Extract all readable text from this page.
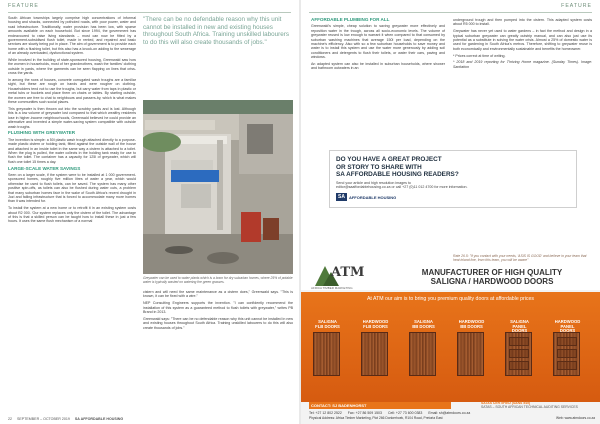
FEATURE

South African townships largely comprise high concentrations of informal housing and shacks, connected by potholed roads, with poor power, water and road infrastructure. Traditionally, water provision has been low, with sparse amounts available on each household. But since 1994, the government has endeavoured to raise living standards – most can now be fitted by a government-subsidised flush toilet, made in rented, and repaired and basic services are slowly being put in place. The aim of government is to provide each home with a flushing toilet, but this also has a knock-on adding to the sewerage of an already overloaded, dysfunctional system.

While involved in the building of state-sponsored housing, Greenwald saw how the women in households, most of her grandmothers, wash the families' clothing outside in yards, where the garments can be seen flapping on lines that criss-cross the yards.

In among the rows of houses, concrete corrugated wash troughs are a familiar sight, but these are rough on hands and were rougher on clothing. Householders tend not to use the troughs, but carry water from taps in plastic or metal tubs or buckets and place them on chairs or tables. By starting outside, the women are free to chat to neighbours and passers-by, which is what makes these communities such social places.

This greywater is then thrown out into the scrubby yards and is lost. Although this is a low volume of greywater lost compared to that which wealthy residents lose in higher-income neighbourhoods, Greenwald believed he could provide an alternative and invented a simple water-saving system compatible with outside wash troughs.

FLUSHING WITH GREYWATER

The invention is simple: a 50l plastic wash trough attached directly to a purpose-made plastic cistern or holding tank, fitted against the outside wall of the house and attached in an inside toilet in the same way a cistern is attached to a toilet. When the plug is pulled, the water collects in the holding tank ready for use to flush the toilet. The container has a capacity for 125l of greywater, which will flush one toilet 15 times a day.

LARGE-SCALE WATER SAVINGS

Seen on a larger scale, if the system were to be installed at 1 000 government-sponsored homes, roughly five million litres of water a year, which would otherwise be used to flush toilets, can be saved. The system has many other positive spin-offs, as toilets can also be flushed during water cuts, a problem that many suburban homes face in the wake of South Africa's recent drought in Jozi and failing infrastructure that is forced to accommodate many more homes than it was intended for.

To install the system at a new home or to retrofit it in an existing system costs about R2 000. 'Our system replaces only the cistern of the toilet. The advantage of this is that a skilled person can be taught how to install these in just a few hours. It uses the same flush mechanism of a normal

"There can be no defendable reason why this unit cannot be installed in new and existing houses throughout South Africa. Training unskilled labourers to do this will also create thousands of jobs."
Greywater can be used to water plants which is a boon for dry suburban homes, where 25% of potable water is typically wasted on watering the green grasses.

cistern and will need the same maintenance as a cistern does," Greenwald says. "This is known, it can be fixed with a wire."

NEP Consulting Engineers supports the invention. "I can confidently recommend the installation of this system as a guaranteed method to flush toilets with greywater," writes PB Brand in 2013.

Greenwald says: "There can be no defendable reason why this unit cannot be installed in new and existing houses throughout South Africa. Training unskilled labourers to do this will also create thousands of jobs."

22 SEPTEMBER – OCTOBER 2019 SA AFFORDABLE HOUSING
FEATURE
AFFORDABLE PLUMBING FOR ALL

Greenwald's simple, cheap solution to saving greywater more effectively and reposition water in the trough, across all socio-economic levels. The volume of greywater reused is low enough to warrant it when compared to that consumed by suburban washing machines that average 150l per load, depending on the machine's efficiency. Also with so a few suburban households to save money and water is to install this system and use the water more generously by adding soil conditioners and detergents to flush their toilets, or water their cars, paving and windows.

An adapted system can also be installed in suburban households, where shower and bathroom outwaters in an

underground trough and then pumped into the cistern. This adapted system costs about R5 000 to install.

Greywater has never yet used to water gardens – in fact the method and design in a typical suburban greywater can greatly outstrip manual, and can also just use its potential as a substitute in solving the water crisis. Almost a 25% of domestic water is used for gardening in South Africa's metros. Therefore, shifting to greywater reuse is both economically and environmentally sustainable and benefits the homeowner.

* Prices correct at time of writing.

* 2018 and 2019 reporting for Thriving Home magazine. (Sunday Times). Image: Sanitation

DO YOU HAVE A GREAT PROJECT
OR STORY TO SHARE WITH
SA AFFORDABLE HOUSING READERS?
Send your article and high resolution images to
editor@saaffordablehousing.co.za or call +27 (0)11 012 4700 for more information.
SA	AFFORDABLE HOUSING
Rate 26.5: "If you contact with your needs, 'ASIS IS GOOD' and believe in your team that heat inland line, from this team, you will be aware"
ATM
AFRICA TIMBER MARKETING
MANUFACTURER OF HIGH QUALITY
SALIGNA / HARDWOOD DOORS
At ATM our aim is to bring you premium quality doors at affordable prices
SALIGNA
FLB DOORS
HARDWOOD
FLB DOORS
SALIGNA
BB DOORS
HARDWOOD
BB DOORS
SALIGNA
PANEL DOORS
HARDWOOD
PANEL DOORS
CONTACT: SJ BADENHORST	SATAS CERTIFIED (SANS 545)
SATAS – SOUTH AFRICAN TECHNICAL AUDITING SERVICES
Tel: +27 12 802 2522 Fax: +27 86 509 1503 Cell: +27 73 600 0383 Email: sh@atmdoors.co.za
Physical Address: Africa Timber Marketing, Plot 266 Donkerhoek, R104 Road, Pretoria East	Web: www.atmdoors.co.za
